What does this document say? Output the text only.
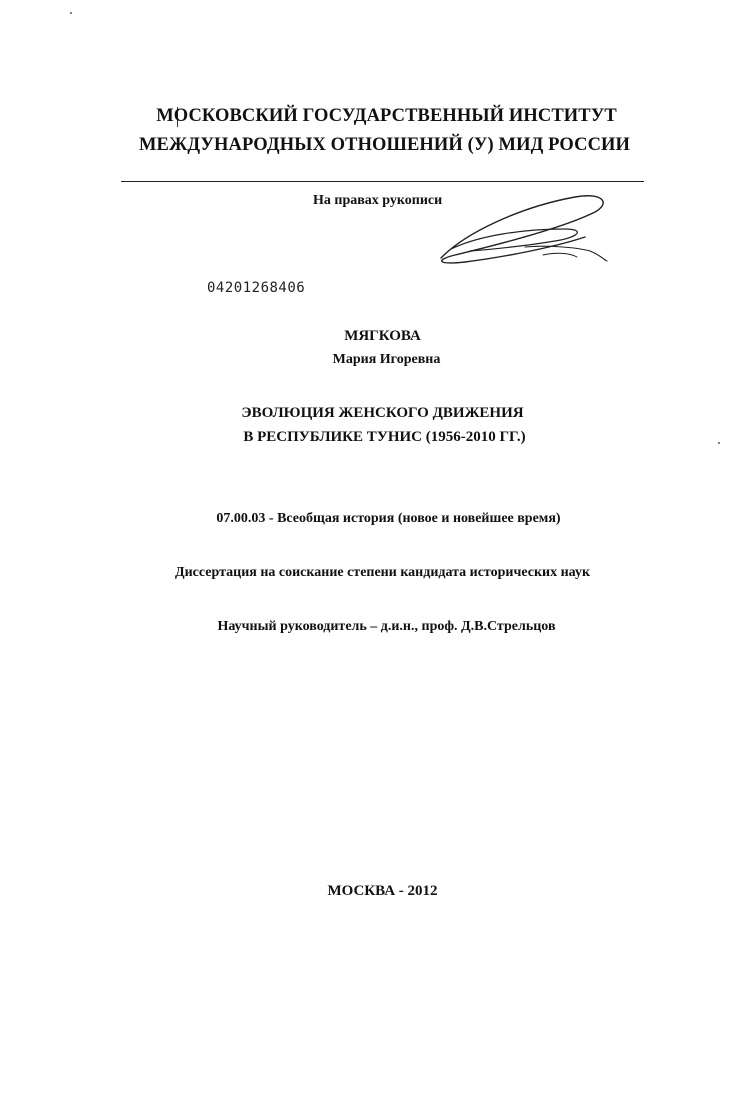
МОСКОВСКИЙ ГОСУДАРСТВЕННЫЙ ИНСТИТУТ
МЕЖДУНАРОДНЫХ ОТНОШЕНИЙ (У) МИД РОССИИ
На правах рукописи
04201268406
МЯГКОВА
Мария Игоревна
ЭВОЛЮЦИЯ ЖЕНСКОГО ДВИЖЕНИЯ
В РЕСПУБЛИКЕ ТУНИС (1956-2010 ГГ.)
07.00.03 - Всеобщая история (новое и новейшее время)
Диссертация на соискание степени кандидата исторических наук
Научный руководитель – д.и.н., проф. Д.В.Стрельцов
МОСКВА - 2012
